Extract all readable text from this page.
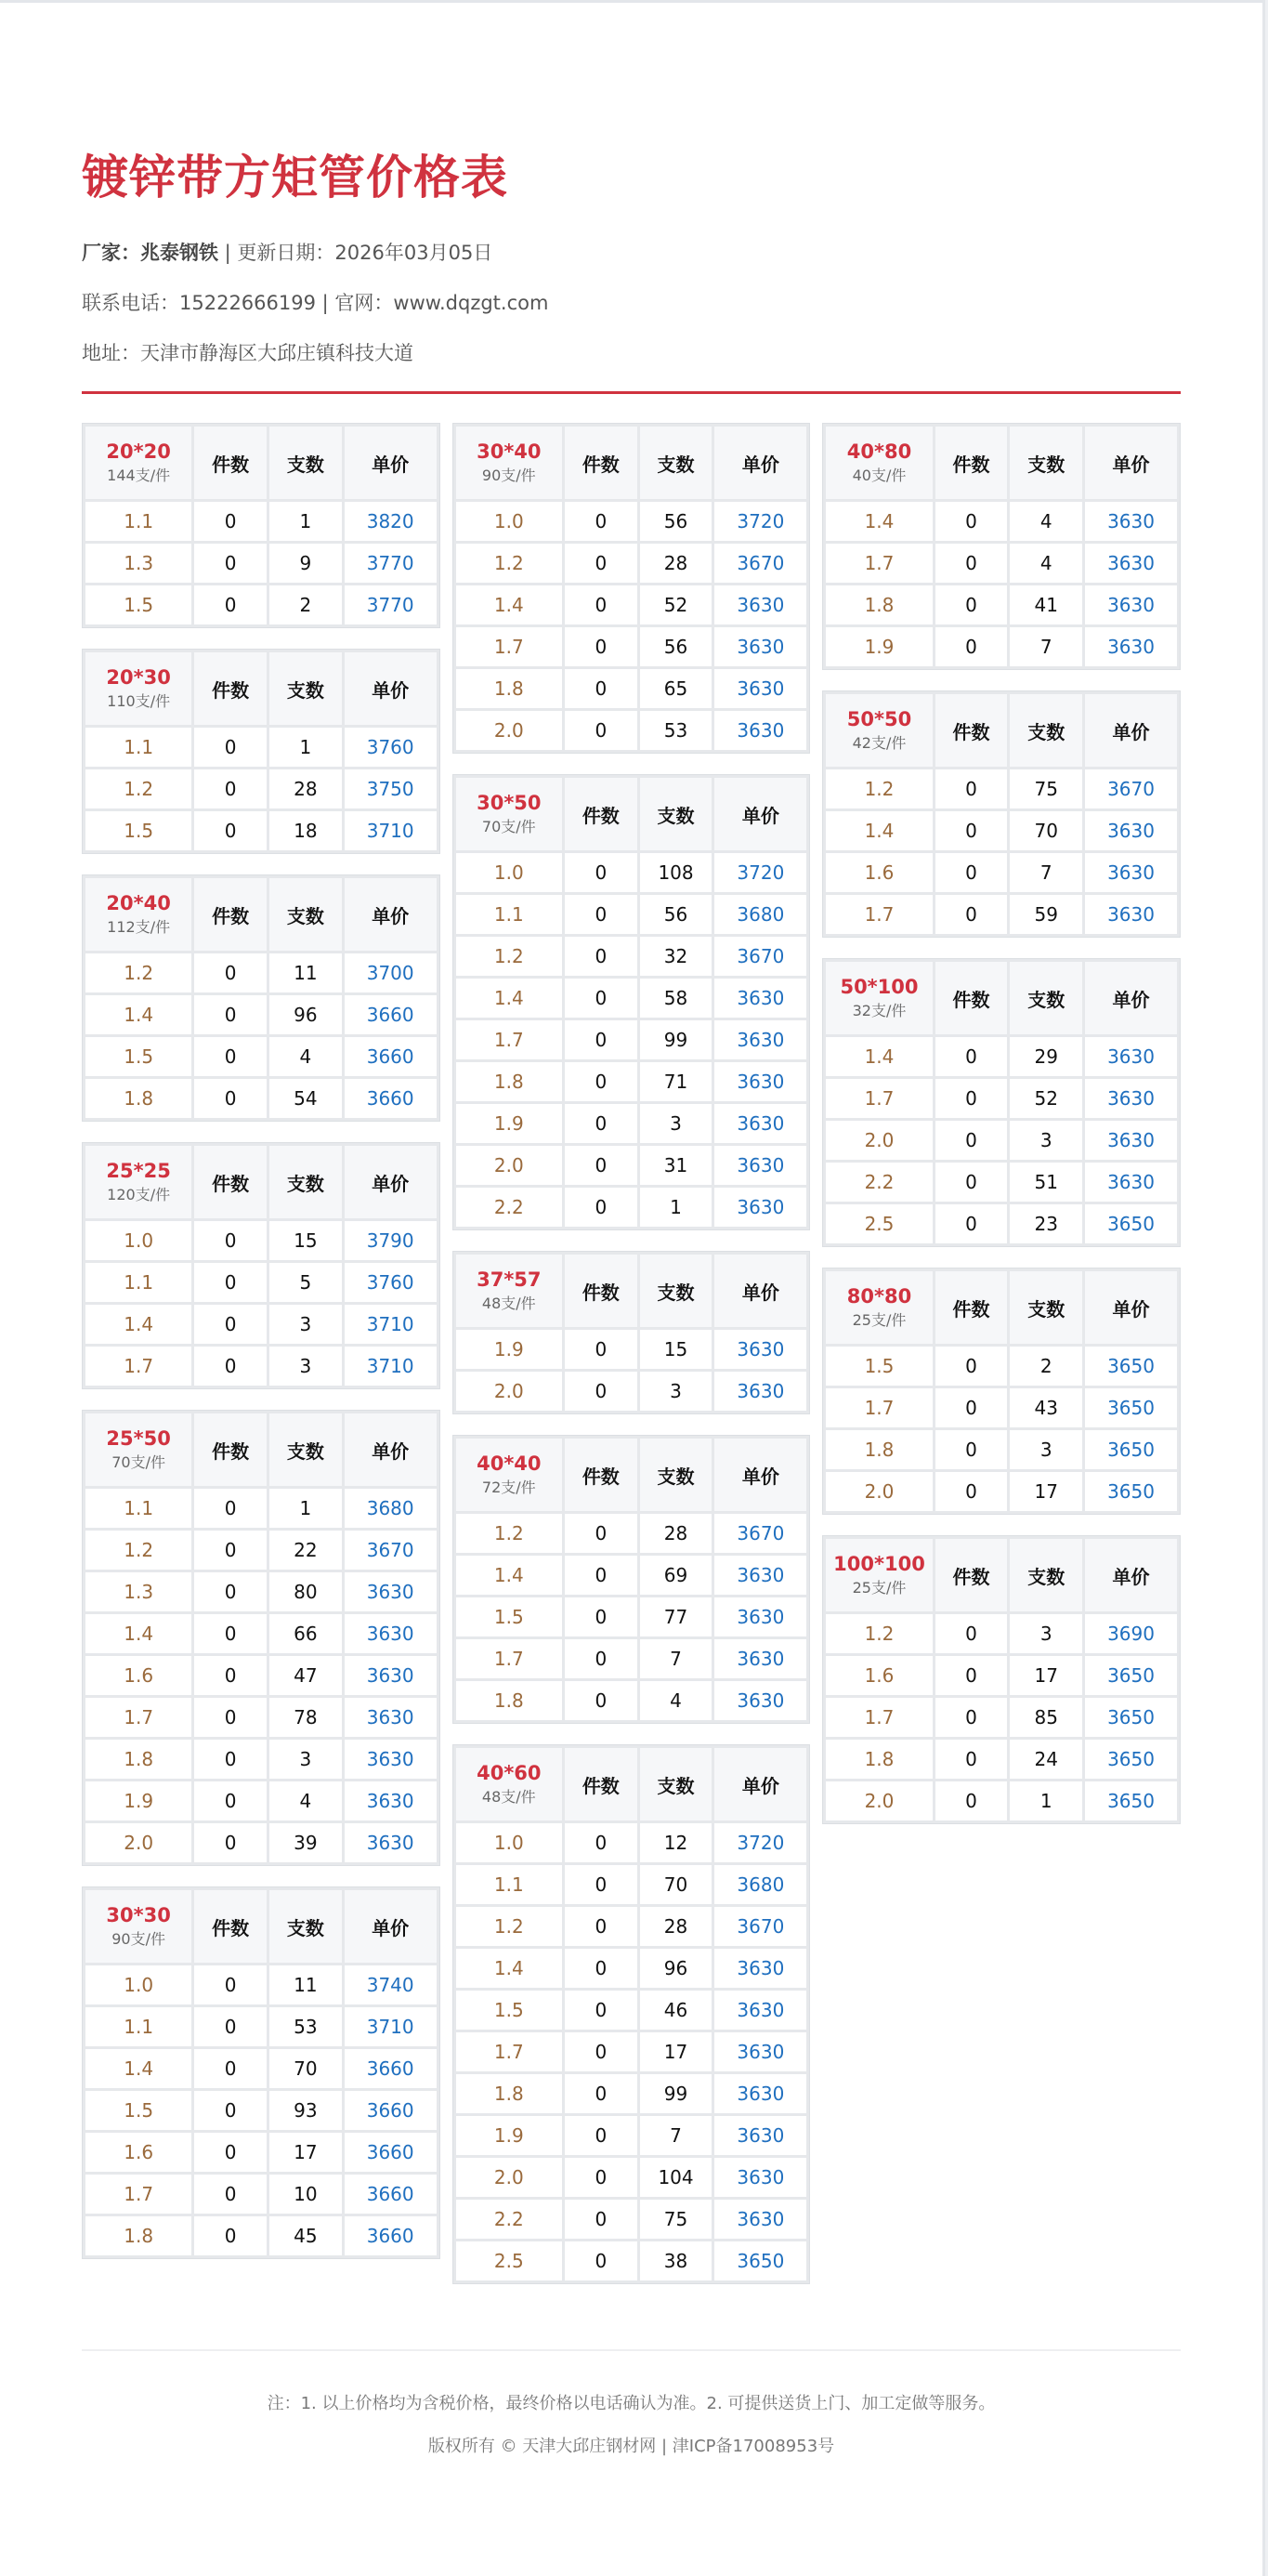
镀锌带方矩管价格表
厂家：兆泰钢铁 | 更新日期：2026年03月05日
联系电话：15222666199 | 官网：www.dqzgt.com
地址：天津市静海区大邱庄镇科技大道
20*20
144支/件	件数	支数	单价
1.1	0	1	3820
1.3	0	9	3770
1.5	0	2	3770
20*30
110支/件	件数	支数	单价
1.1	0	1	3760
1.2	0	28	3750
1.5	0	18	3710
20*40
112支/件	件数	支数	单价
1.2	0	11	3700
1.4	0	96	3660
1.5	0	4	3660
1.8	0	54	3660
25*25
120支/件	件数	支数	单价
1.0	0	15	3790
1.1	0	5	3760
1.4	0	3	3710
1.7	0	3	3710
25*50
70支/件	件数	支数	单价
1.1	0	1	3680
1.2	0	22	3670
1.3	0	80	3630
1.4	0	66	3630
1.6	0	47	3630
1.7	0	78	3630
1.8	0	3	3630
1.9	0	4	3630
2.0	0	39	3630
30*30
90支/件	件数	支数	单价
1.0	0	11	3740
1.1	0	53	3710
1.4	0	70	3660
1.5	0	93	3660
1.6	0	17	3660
1.7	0	10	3660
1.8	0	45	3660
30*40
90支/件	件数	支数	单价
1.0	0	56	3720
1.2	0	28	3670
1.4	0	52	3630
1.7	0	56	3630
1.8	0	65	3630
2.0	0	53	3630
30*50
70支/件	件数	支数	单价
1.0	0	108	3720
1.1	0	56	3680
1.2	0	32	3670
1.4	0	58	3630
1.7	0	99	3630
1.8	0	71	3630
1.9	0	3	3630
2.0	0	31	3630
2.2	0	1	3630
37*57
48支/件	件数	支数	单价
1.9	0	15	3630
2.0	0	3	3630
40*40
72支/件	件数	支数	单价
1.2	0	28	3670
1.4	0	69	3630
1.5	0	77	3630
1.7	0	7	3630
1.8	0	4	3630
40*60
48支/件	件数	支数	单价
1.0	0	12	3720
1.1	0	70	3680
1.2	0	28	3670
1.4	0	96	3630
1.5	0	46	3630
1.7	0	17	3630
1.8	0	99	3630
1.9	0	7	3630
2.0	0	104	3630
2.2	0	75	3630
2.5	0	38	3650
40*80
40支/件	件数	支数	单价
1.4	0	4	3630
1.7	0	4	3630
1.8	0	41	3630
1.9	0	7	3630
50*50
42支/件	件数	支数	单价
1.2	0	75	3670
1.4	0	70	3630
1.6	0	7	3630
1.7	0	59	3630
50*100
32支/件	件数	支数	单价
1.4	0	29	3630
1.7	0	52	3630
2.0	0	3	3630
2.2	0	51	3630
2.5	0	23	3650
80*80
25支/件	件数	支数	单价
1.5	0	2	3650
1.7	0	43	3650
1.8	0	3	3650
2.0	0	17	3650
100*100
25支/件	件数	支数	单价
1.2	0	3	3690
1.6	0	17	3650
1.7	0	85	3650
1.8	0	24	3650
2.0	0	1	3650
注：1. 以上价格均为含税价格，最终价格以电话确认为准。2. 可提供送货上门、加工定做等服务。
版权所有 © 天津大邱庄钢材网 | 津ICP备17008953号
